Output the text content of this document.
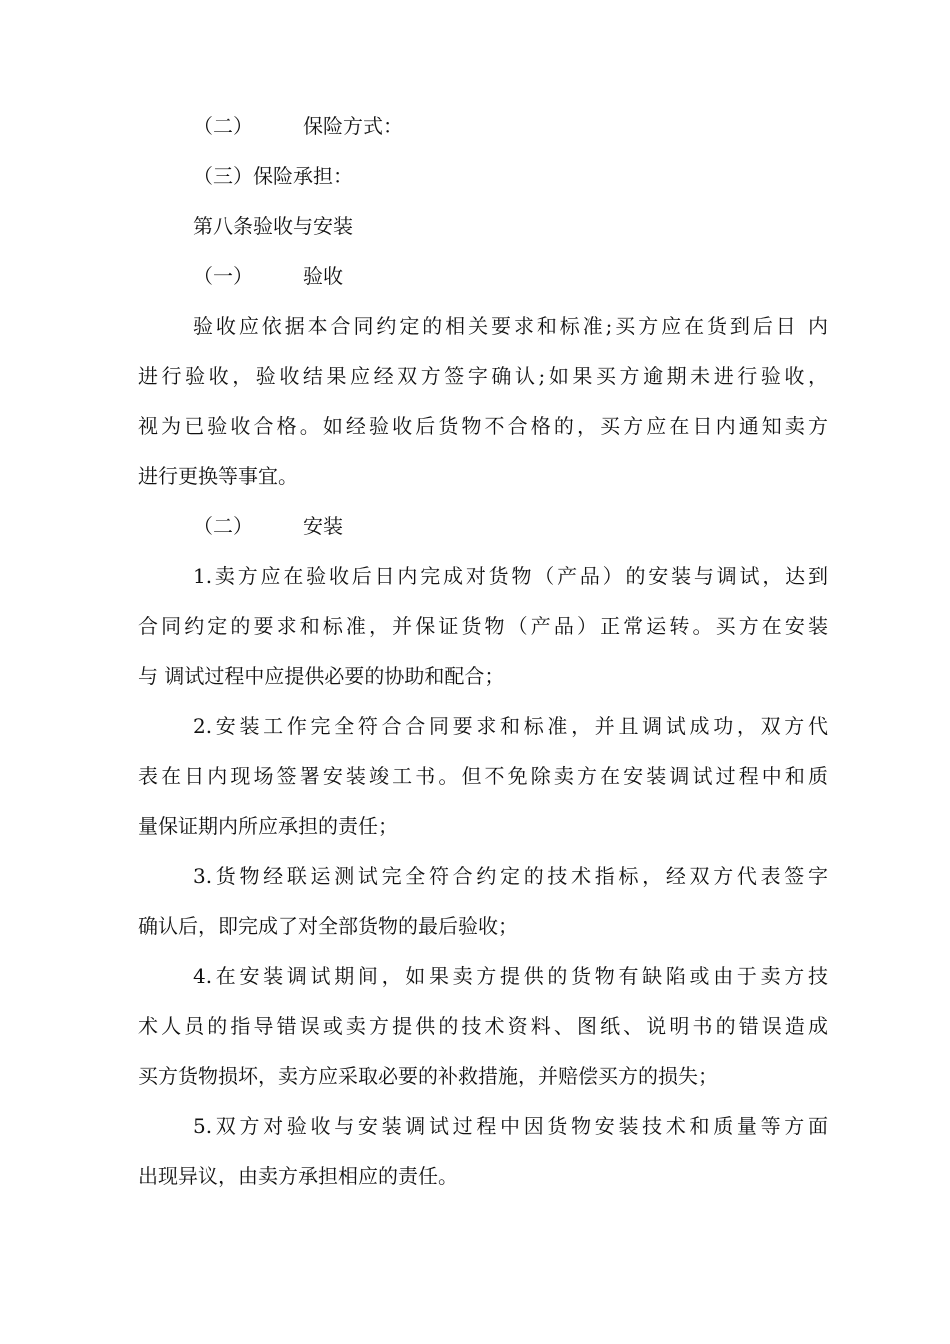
（二）	保险方式：
（三）保险承担：
第八条验收与安装
（一）	验收
验收应依据本合同约定的相关要求和标准;买方应在货到后日 内
进行验收，验收结果应经双方签字确认;如果买方逾期未进行验收，
视为已验收合格。如经验收后货物不合格的，买方应在日内通知卖方
进行更换等事宜。
（二）	安装
1.卖方应在验收后日内完成对货物（产品）的安装与调试，达到
合同约定的要求和标准，并保证货物（产品）正常运转。买方在安装
与 调试过程中应提供必要的协助和配合；
2.安装工作完全符合合同要求和标准，并且调试成功，双方代
表在日内现场签署安装竣工书。但不免除卖方在安装调试过程中和质
量保证期内所应承担的责任；
3.货物经联运测试完全符合约定的技术指标，经双方代表签字
确认后，即完成了对全部货物的最后验收；
4.在安装调试期间，如果卖方提供的货物有缺陷或由于卖方技
术人员的指导错误或卖方提供的技术资料、图纸、说明书的错误造成
买方货物损坏，卖方应采取必要的补救措施，并赔偿买方的损失；
5.双方对验收与安装调试过程中因货物安装技术和质量等方面
出现异议，由卖方承担相应的责任。
